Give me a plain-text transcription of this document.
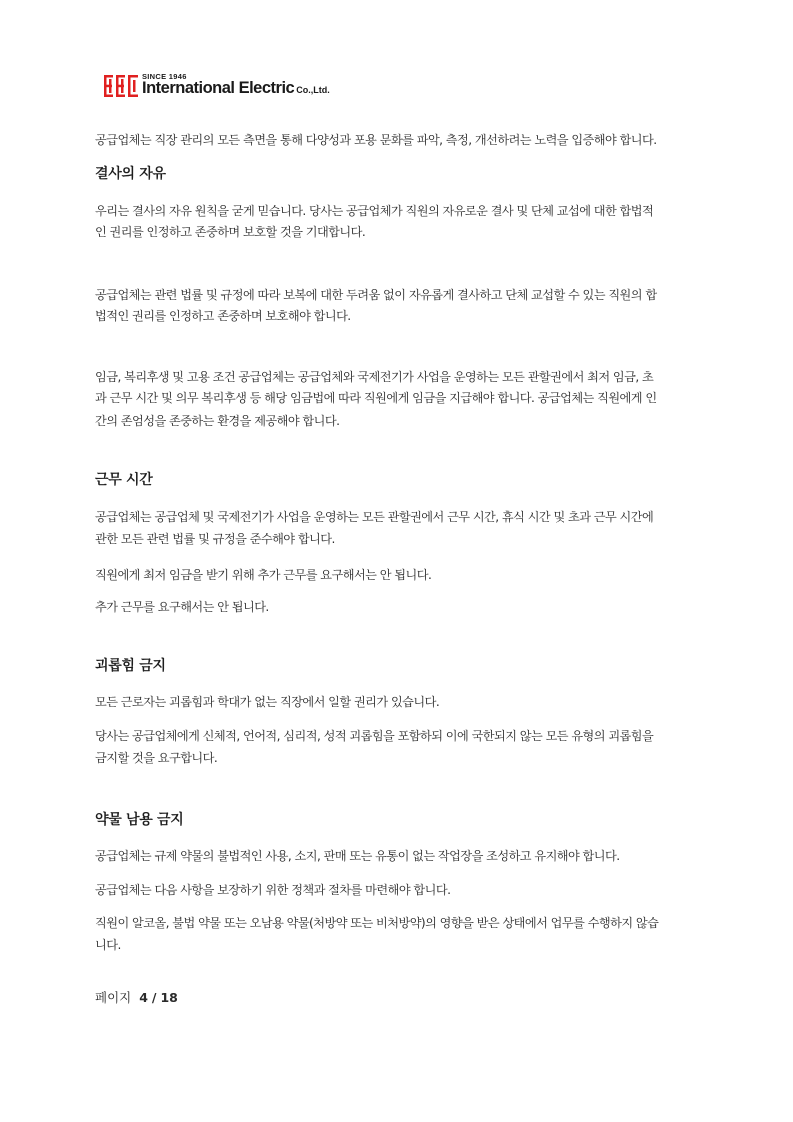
SINCE 1946
International Electric Co.,Ltd.

공급업체는 직장 관리의 모든 측면을 통해 다양성과 포용 문화를 파악, 측정, 개선하려는 노력을 입증해야 합니다.

결사의 자유

우리는 결사의 자유 원칙을 굳게 믿습니다. 당사는 공급업체가 직원의 자유로운 결사 및 단체 교섭에 대한 합법적

인 권리를 인정하고 존중하며 보호할 것을 기대합니다.

공급업체는 관련 법률 및 규정에 따라 보복에 대한 두려움 없이 자유롭게 결사하고 단체 교섭할 수 있는 직원의 합

법적인 권리를 인정하고 존중하며 보호해야 합니다.

임금, 복리후생 및 고용 조건 공급업체는 공급업체와 국제전기가 사업을 운영하는 모든 관할권에서 최저 임금, 초

과 근무 시간 및 의무 복리후생 등 해당 임금법에 따라 직원에게 임금을 지급해야 합니다. 공급업체는 직원에게 인

간의 존엄성을 존중하는 환경을 제공해야 합니다.

근무 시간

공급업체는 공급업체 및 국제전기가 사업을 운영하는 모든 관할권에서 근무 시간, 휴식 시간 및 초과 근무 시간에

관한 모든 관련 법률 및 규정을 준수해야 합니다.

직원에게 최저 임금을 받기 위해 추가 근무를 요구해서는 안 됩니다.

추가 근무를 요구해서는 안 됩니다.

괴롭힘 금지

모든 근로자는 괴롭힘과 학대가 없는 직장에서 일할 권리가 있습니다.

당사는 공급업체에게 신체적, 언어적, 심리적, 성적 괴롭힘을 포함하되 이에 국한되지 않는 모든 유형의 괴롭힘을

금지할 것을 요구합니다.

약물 남용 금지

공급업체는 규제 약물의 불법적인 사용, 소지, 판매 또는 유통이 없는 작업장을 조성하고 유지해야 합니다.

공급업체는 다음 사항을 보장하기 위한 정책과 절차를 마련해야 합니다.

직원이 알코올, 불법 약물 또는 오남용 약물(처방약 또는 비처방약)의 영향을 받은 상태에서 업무를 수행하지 않습

니다.

페이지 4 / 18
